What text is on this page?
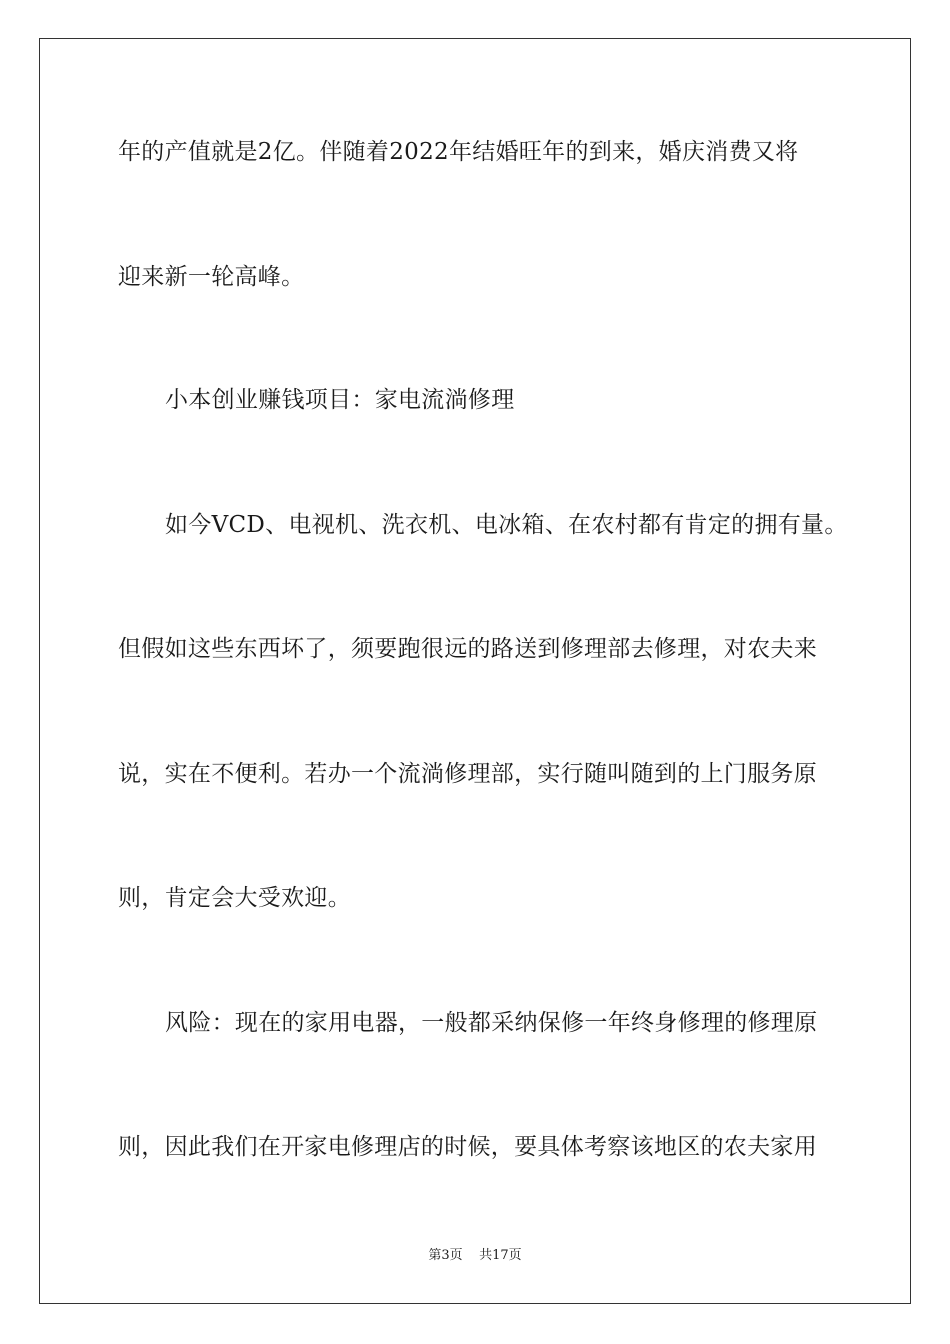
年的产值就是2亿。伴随着2022年结婚旺年的到来，婚庆消费又将
迎来新一轮高峰。
小本创业赚钱项目：家电流淌修理
如今VCD、电视机、洗衣机、电冰箱、在农村都有肯定的拥有量。
但假如这些东西坏了，须要跑很远的路送到修理部去修理，对农夫来
说，实在不便利。若办一个流淌修理部，实行随叫随到的上门服务原
则，肯定会大受欢迎。
风险：现在的家用电器，一般都采纳保修一年终身修理的修理原
则，因此我们在开家电修理店的时候，要具体考察该地区的农夫家用
第3页 共17页
